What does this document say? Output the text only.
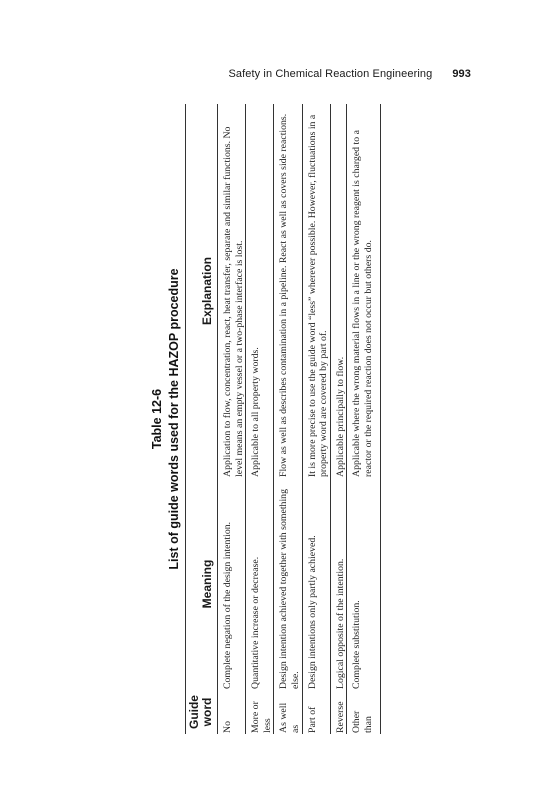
Safety in Chemical Reaction Engineering 993
Table 12-6 List of guide words used for the HAZOP procedure
Guide word	Meaning	Explanation
No	Complete negation of the design intention.	Application to flow, concentration, react, heat transfer, separate and similar functions. No level means an empty vessel or a two-phase interface is lost.
More or less	Quantitative increase or decrease.	Applicable to all property words.
As well as	Design intention achieved together with something else.	Flow as well as describes contamination in a pipeline. React as well as covers side reactions.
Part of	Design intentions only partly achieved.	It is more precise to use the guide word “less” wherever possible. However, fluctuations in a property word are covered by part of.
Reverse	Logical opposite of the intention.	Applicable principally to flow.
Other than	Complete substitution.	Applicable where the wrong material flows in a line or the wrong reagent is charged to a reactor or the required reaction does not occur but others do.
